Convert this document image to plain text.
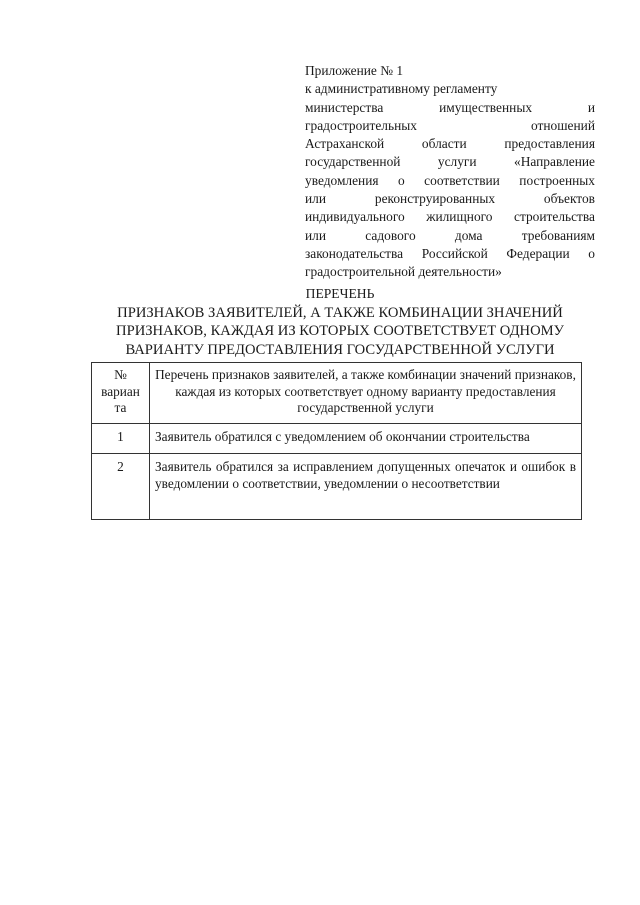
Приложение № 1
к административному регламенту
министерства имущественных и
градостроительных отношений
Астраханской области предоставления
государственной услуги «Направление
уведомления о соответствии построенных
или реконструированных объектов
индивидуального жилищного строительства
или садового дома требованиям
законодательства Российской Федерации о
градостроительной деятельности»
ПЕРЕЧЕНЬ
ПРИЗНАКОВ ЗАЯВИТЕЛЕЙ, А ТАКЖЕ КОМБИНАЦИИ ЗНАЧЕНИЙ
ПРИЗНАКОВ, КАЖДАЯ ИЗ КОТОРЫХ СООТВЕТСТВУЕТ ОДНОМУ
ВАРИАНТУ ПРЕДОСТАВЛЕНИЯ ГОСУДАРСТВЕННОЙ УСЛУГИ
№ вариан та	Перечень признаков заявителей, а также комбинации значений признаков, каждая из которых соответствует одному варианту предоставления государственной услуги
1	Заявитель обратился с уведомлением об окончании строительства
2	Заявитель обратился за исправлением допущенных опечаток и ошибок в уведомлении о соответствии, уведомлении о несоответствии
